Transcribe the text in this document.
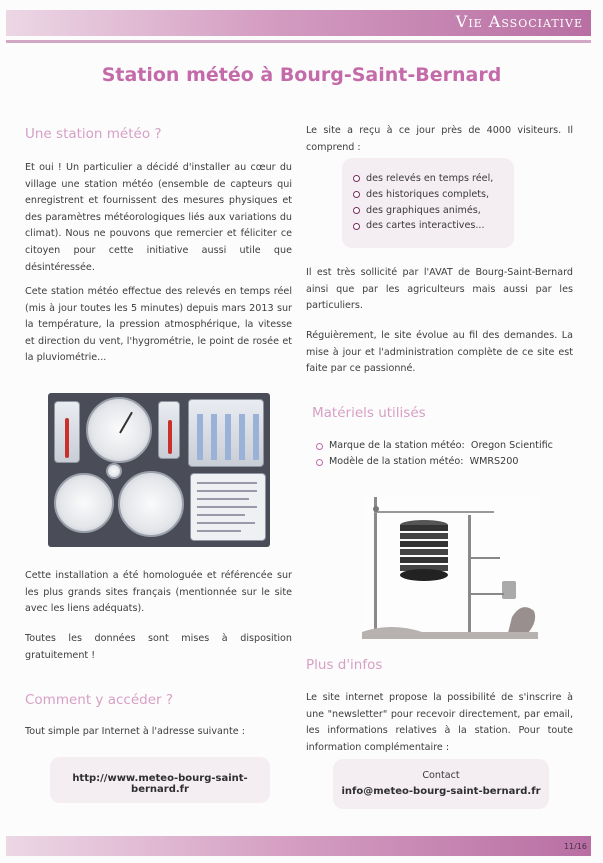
Vie Associative
Station météo à Bourg-Saint-Bernard
Une station météo ?
Et oui ! Un particulier a décidé d'installer au cœur du village une station météo (ensemble de capteurs qui enregistrent et fournissent des mesures physiques et des paramètres météorologiques liés aux variations du climat). Nous ne pouvons que remercier et féliciter ce citoyen pour cette initiative aussi utile que désintéressée.
Cete station météo effectue des relevés en temps réel (mis à jour toutes les 5 minutes) depuis mars 2013 sur la température, la pression atmosphérique, la vitesse et direction du vent, l'hygrométrie, le point de rosée et la pluviométrie...
Cette installation a été homologuée et référencée sur les plus grands sites français (mentionnée sur le site avec les liens adéquats).
Toutes les données sont mises à disposition gratuitement !
Comment y accéder ?
Tout simple par Internet à l'adresse suivante :
http://www.meteo-bourg-saint-bernard.fr
Le site a reçu à ce jour près de 4000 visiteurs. Il comprend :
des relevés en temps réel,
des historiques complets,
des graphiques animés,
des cartes interactives...
Il est très sollicité par l'AVAT de Bourg-Saint-Bernard ainsi que par les agriculteurs mais aussi par les particuliers.
Réguièrement, le site évolue au fil des demandes. La mise à jour et l'administration complète de ce site est faite par ce passionné.
Matériels utilisés
Marque de la station météo:
Oregon Scientific
Modèle de la station météo:
WMRS200
Plus d'infos
Le site internet propose la possibilité de s'inscrire à une "newsletter" pour recevoir directement, par email, les informations relatives à la station. Pour toute information complémentaire :
Contact
info@meteo-bourg-saint-bernard.fr
11/16
